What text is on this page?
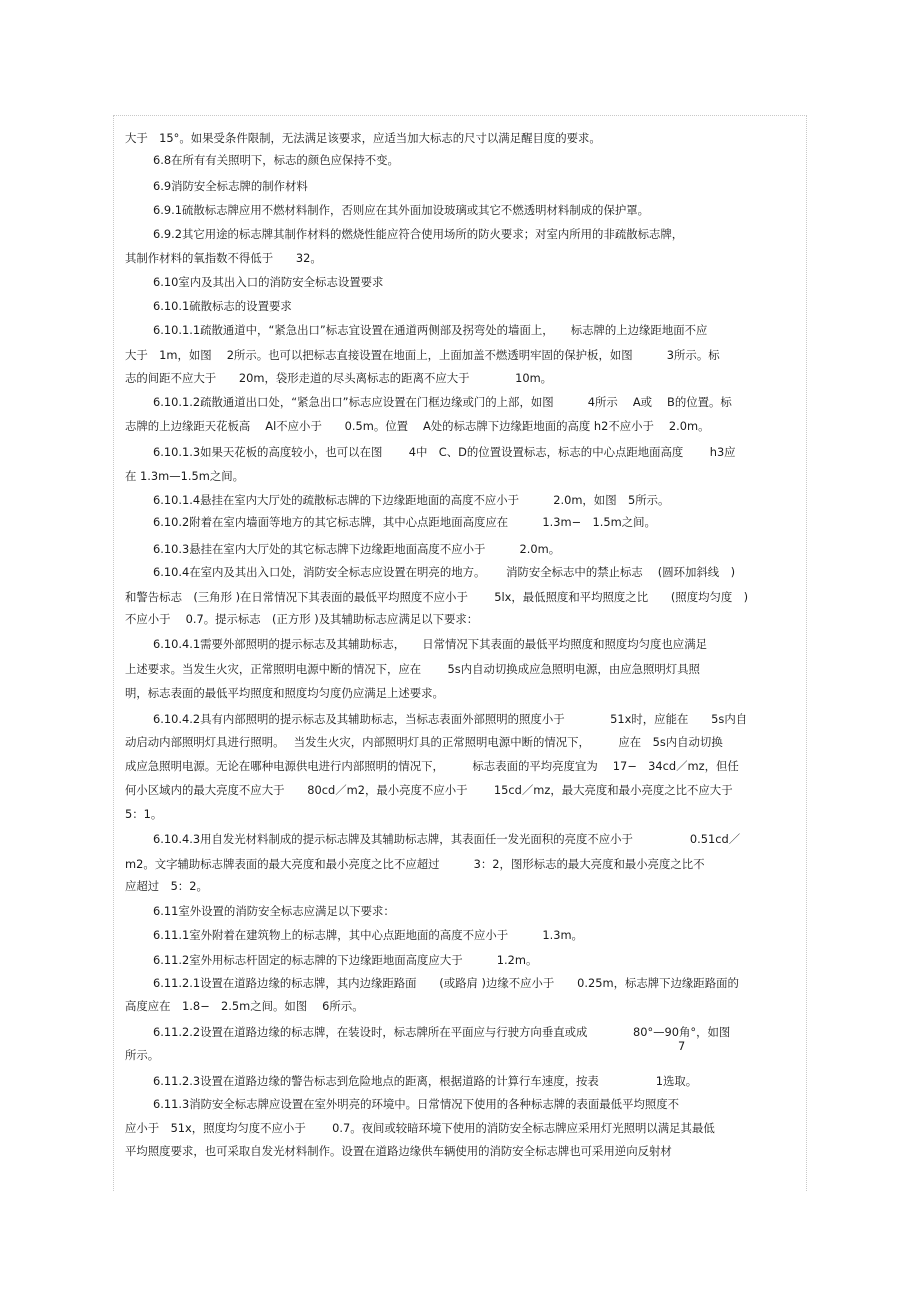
大于　15°。如果受条件限制，无法满足该要求，应适当加大标志的尺寸以满足醒目度的要求。
6.8在所有有关照明下，标志的颜色应保持不变。
6.9消防安全标志牌的制作材料
6.9.1硫散标志牌应用不燃材料制作，否则应在其外面加设玻璃或其它不燃透明材料制成的保护罩。
6.9.2其它用途的标志牌其制作材料的燃烧性能应符合使用场所的防火要求；对室内所用的非疏散标志牌，
其制作材料的氧指数不得低于　　32。
6.10室内及其出入口的消防安全标志设置要求
6.10.1硫散标志的设置要求
6.10.1.1疏散通道中，“紧急出口”标志宜设置在通道两侧部及拐弯处的墙面上，　　标志牌的上边缘距地面不应
大于　1m，如图　 2所示。也可以把标志直接设置在地面上，上面加盖不燃透明牢固的保护板，如图　　　3所示。标
志的间距不应大于　　20m，袋形走道的尽头离标志的距离不应大于　　　　10m。
6.10.1.2疏散通道出口处，“紧急出口”标志应设置在门框边缘或门的上部，如图　　　4所示　 A或　 B的位置。标
志牌的上边缘距天花板高　 Al不应小于　　0.5m。位置　 A处的标志牌下边缘距地面的高度 h2不应小于　 2.0m。
6.10.1.3如果天花板的高度较小，也可以在图　　 4中　C、D的位置设置标志，标志的中心点距地面高度　　 h3应
在 1.3m—1.5m之间。
6.10.1.4悬挂在室内大厅处的疏散标志牌的下边缘距地面的高度不应小于　　　2.0m，如图　5所示。
6.10.2附着在室内墙面等地方的其它标志牌，其中心点距地面高度应在　　　1.3m−　1.5m之间。
6.10.3悬挂在室内大厅处的其它标志牌下边缘距地面高度不应小于　　　2.0m。
6.10.4在室内及其出入口处，消防安全标志应设置在明亮的地方。　　 消防安全标志中的禁止标志　 (圆环加斜线　)
和警告标志　(三角形 )在日常情况下其表面的最低平均照度不应小于　　 5lx，最低照度和平均照度之比　　(照度均匀度　)
不应小于　 0.7。提示标志　(正方形 )及其辅助标志应满足以下要求：
6.10.4.1需要外部照明的提示标志及其辅助标志，　　日常情况下其表面的最低平均照度和照度均匀度也应满足
上述要求。当发生火灾，正常照明电源中断的情况下，应在　　 5s内自动切换成应急照明电源，由应急照明灯具照
明，标志表面的最低平均照度和照度均匀度仍应满足上述要求。
6.10.4.2具有内部照明的提示标志及其辅助标志，当标志表面外部照明的照度小于　　　　51x时，应能在　　5s内自
动启动内部照明灯具进行照明。　 当发生火灾，内部照明灯具的正常照明电源中断的情况下，　　　应在　5s内自动切换
成应急照明电源。无论在哪种电源供电进行内部照明的情况下，　　　标志表面的平均亮度宜为　 17−　34cd／mz，但任
何小区域内的最大亮度不应大于　　80cd／m2，最小亮度不应小于　　 15cd／mz，最大亮度和最小亮度之比不应大于
5：1。
6.10.4.3用自发光材料制成的提示标志牌及其辅助标志牌，其表面任一发光面积的亮度不应小于　　　　　0.51cd／
m2。文字辅助标志牌表面的最大亮度和最小亮度之比不应超过　　　3：2，图形标志的最大亮度和最小亮度之比不
应超过　5：2。
6.11室外设置的消防安全标志应满足以下要求：
6.11.1室外附着在建筑物上的标志牌，其中心点距地面的高度不应小于　　　1.3m。
6.11.2室外用标志杆固定的标志牌的下边缘距地面高度应大于　　　1.2m。
6.11.2.1设置在道路边缘的标志牌，其内边缘距路面　　(或路肩 )边缘不应小于　　0.25m，标志牌下边缘距路面的
高度应在　1.8−　2.5m之间。如图　 6所示。
6.11.2.2设置在道路边缘的标志牌，在装设时，标志牌所在平面应与行驶方向垂直或成　　　　80°—90角°，如图
所示。
7
6.11.2.3设置在道路边缘的警告标志到危险地点的距离，根据道路的计算行车速度，按表　　　　　1选取。
6.11.3消防安全标志牌应设置在室外明亮的环境中。日常情况下使用的各种标志牌的表面最低平均照度不
应小于　51x，照度均匀度不应小于　　 0.7。夜间或较暗环境下使用的消防安全标志牌应采用灯光照明以满足其最低
平均照度要求，也可采取自发光材料制作。设置在道路边缘供车辆使用的消防安全标志牌也可采用逆向反射材
